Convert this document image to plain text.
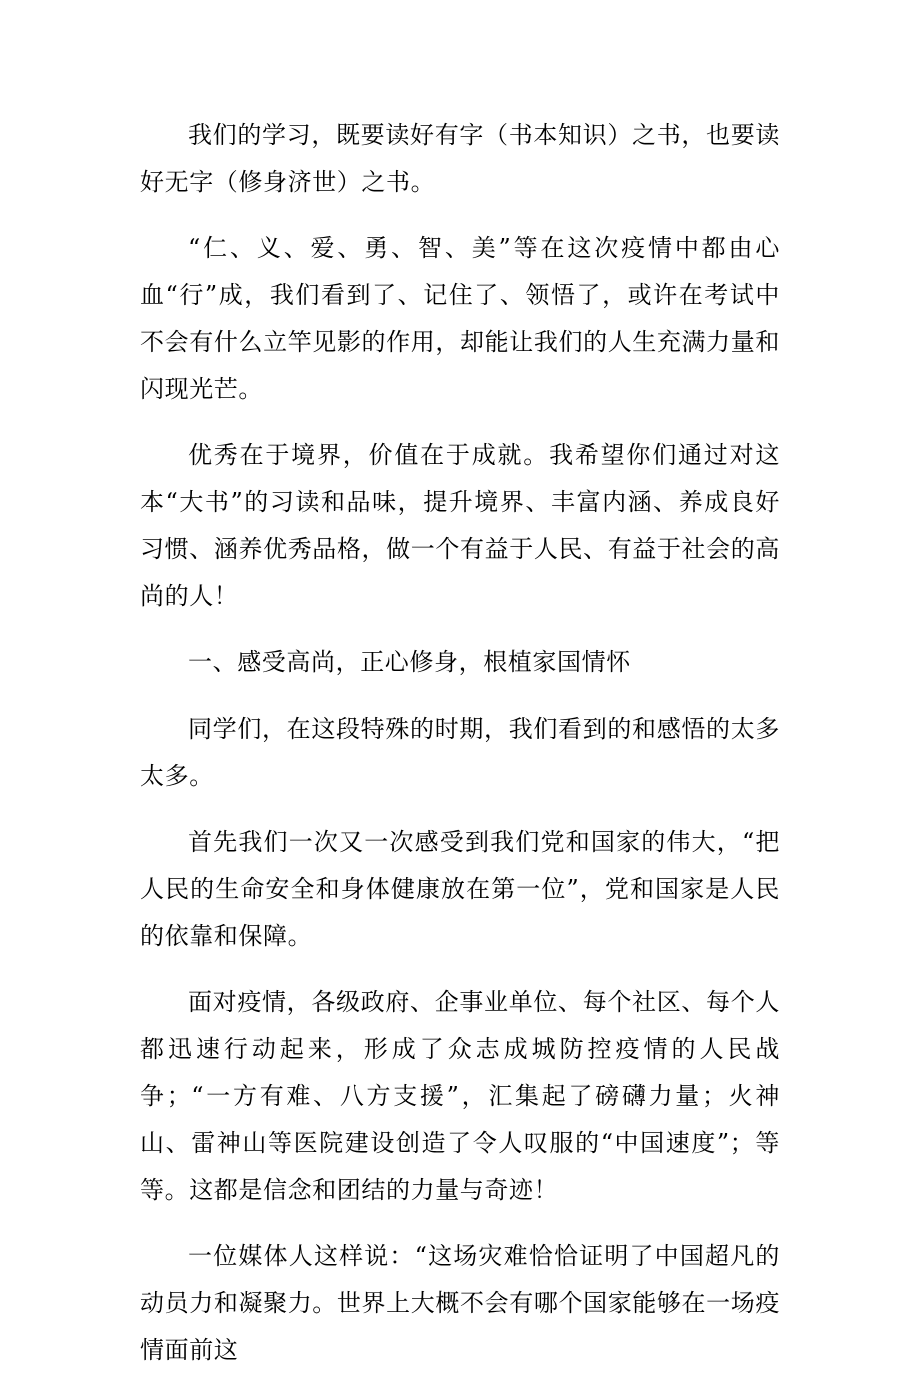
我们的学习，既要读好有字（书本知识）之书，也要读好无字（修身济世）之书。

“仁、义、爱、勇、智、美”等在这次疫情中都由心血“行”成，我们看到了、记住了、领悟了，或许在考试中不会有什么立竿见影的作用，却能让我们的人生充满力量和闪现光芒。

优秀在于境界，价值在于成就。我希望你们通过对这本“大书”的习读和品味，提升境界、丰富内涵、养成良好习惯、涵养优秀品格，做一个有益于人民、有益于社会的高尚的人！

一、感受高尚，正心修身，根植家国情怀

同学们，在这段特殊的时期，我们看到的和感悟的太多太多。

首先我们一次又一次感受到我们党和国家的伟大，“把人民的生命安全和身体健康放在第一位”，党和国家是人民的依靠和保障。

面对疫情，各级政府、企事业单位、每个社区、每个人都迅速行动起来，形成了众志成城防控疫情的人民战争；“一方有难、八方支援”，汇集起了磅礴力量；火神山、雷神山等医院建设创造了令人叹服的“中国速度”；等等。这都是信念和团结的力量与奇迹！

一位媒体人这样说：“这场灾难恰恰证明了中国超凡的动员力和凝聚力。世界上大概不会有哪个国家能够在一场疫情面前这
